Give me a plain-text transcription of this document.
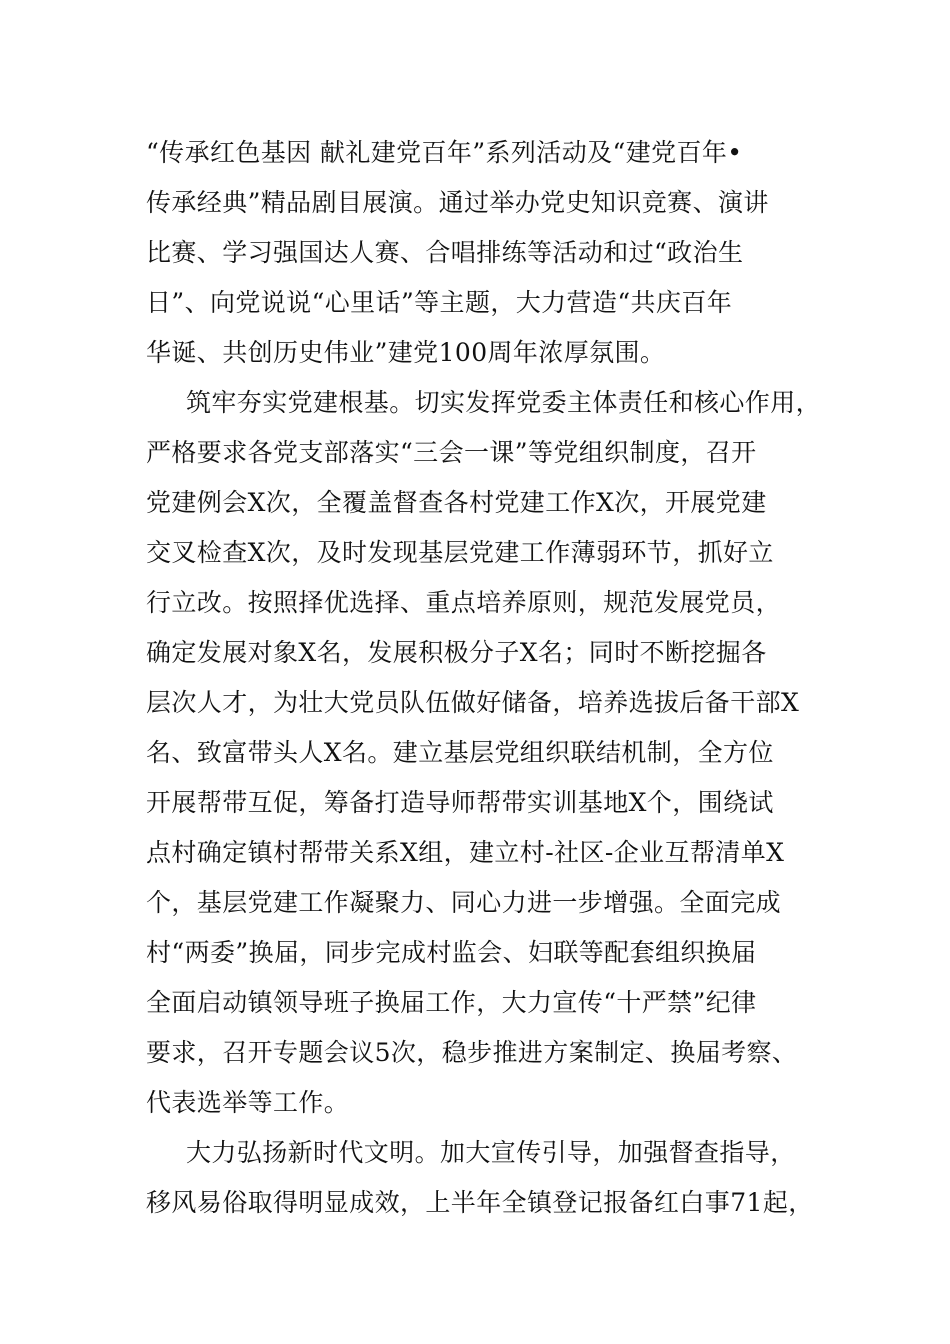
“传承红色基因 献礼建党百年”系列活动及“建党百年•
传承经典”精品剧目展演。通过举办党史知识竞赛、演讲
比赛、学习强国达人赛、合唱排练等活动和过“政治生
日”、向党说说“心里话”等主题，大力营造“共庆百年
华诞、共创历史伟业”建党100周年浓厚氛围。
筑牢夯实党建根基。切实发挥党委主体责任和核心作用，
严格要求各党支部落实“三会一课”等党组织制度，召开
党建例会X次，全覆盖督查各村党建工作X次，开展党建
交叉检查X次，及时发现基层党建工作薄弱环节，抓好立
行立改。按照择优选择、重点培养原则，规范发展党员，
确定发展对象X名，发展积极分子X名；同时不断挖掘各
层次人才，为壮大党员队伍做好储备，培养选拔后备干部X
名、致富带头人X名。建立基层党组织联结机制，全方位
开展帮带互促，筹备打造导师帮带实训基地X个，围绕试
点村确定镇村帮带关系X组，建立村-社区-企业互帮清单X
个，基层党建工作凝聚力、同心力进一步增强。全面完成
村“两委”换届，同步完成村监会、妇联等配套组织换届
全面启动镇领导班子换届工作，大力宣传“十严禁”纪律
要求，召开专题会议5次，稳步推进方案制定、换届考察、
代表选举等工作。
大力弘扬新时代文明。加大宣传引导，加强督查指导，
移风易俗取得明显成效，上半年全镇登记报备红白事71起，
